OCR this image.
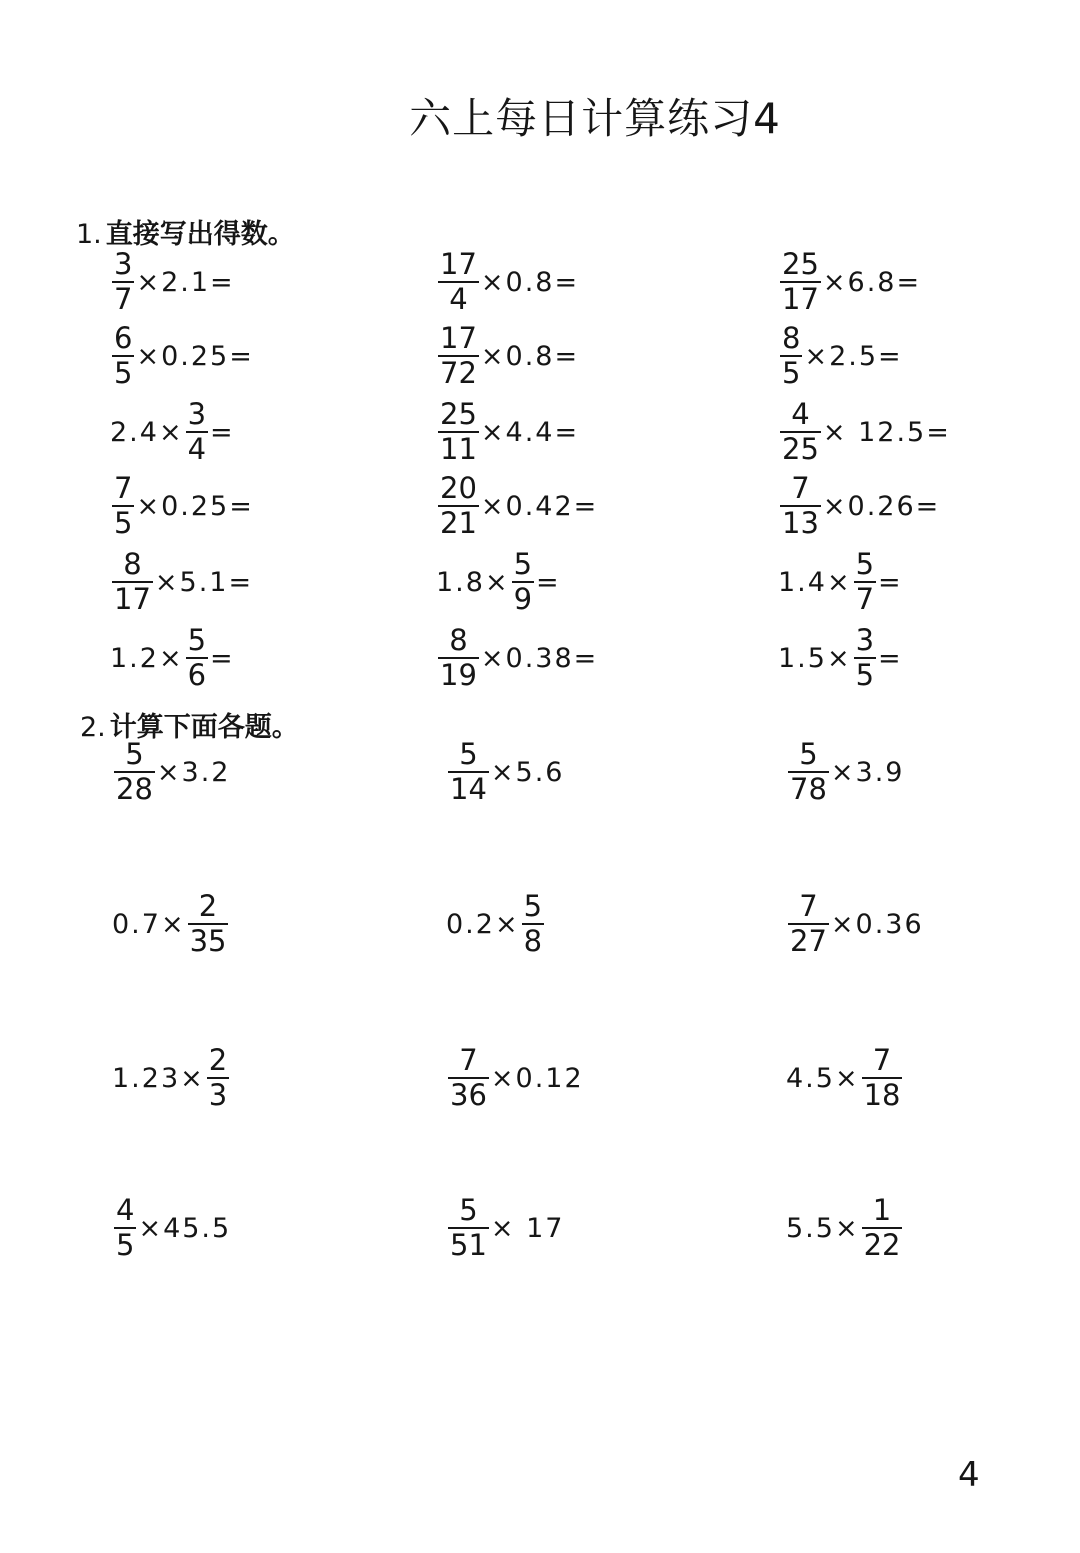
六上每日计算练习4
1. 直接写出得数。
2. 计算下面各题。
4
$\frac{3}{7} \times 2.1=$	$\frac{17}{4} \times 0.8=$	$\frac{25}{17} \times 6.8=$
$\frac{6}{5} \times 0.25=$	$\frac{17}{72} \times 0.8=$	$\frac{8}{5} \times 2.5=$
$2.4\times \frac{3}{4}$ =	$\frac{25}{11} \times 4.4=$	$\frac{4}{25} \times 12.5=$
$\frac{7}{5} \times 0.25=$	$\frac{20}{21} \times 0.42=$	$\frac{7}{13} \times 0.26=$
$\frac{8}{17} \times 5.1=$	$1.8\times \frac{5}{9}$ =	$1.4\times \frac{5}{7}$ =
$1.2\times \frac{5}{6}$ =	$\frac{8}{19} \times 0.38=$	$1.5\times \frac{3}{5}$ =
$\frac{5}{28} \times 3.2$	$\frac{5}{14} \times 5.6$	$\frac{5}{78} \times 3.9$
$0.7\times \frac{2}{35}$	$0.2\times \frac{5}{8}$	$\frac{7}{27} \times 0.36$
$1.23\times \frac{2}{3}$	$\frac{7}{36} \times 0.12$	$4.5\times \frac{7}{18}$
$\frac{4}{5} \times 45.5$	$\frac{5}{51} \times 17$	$5.5\times \frac{1}{22}$
